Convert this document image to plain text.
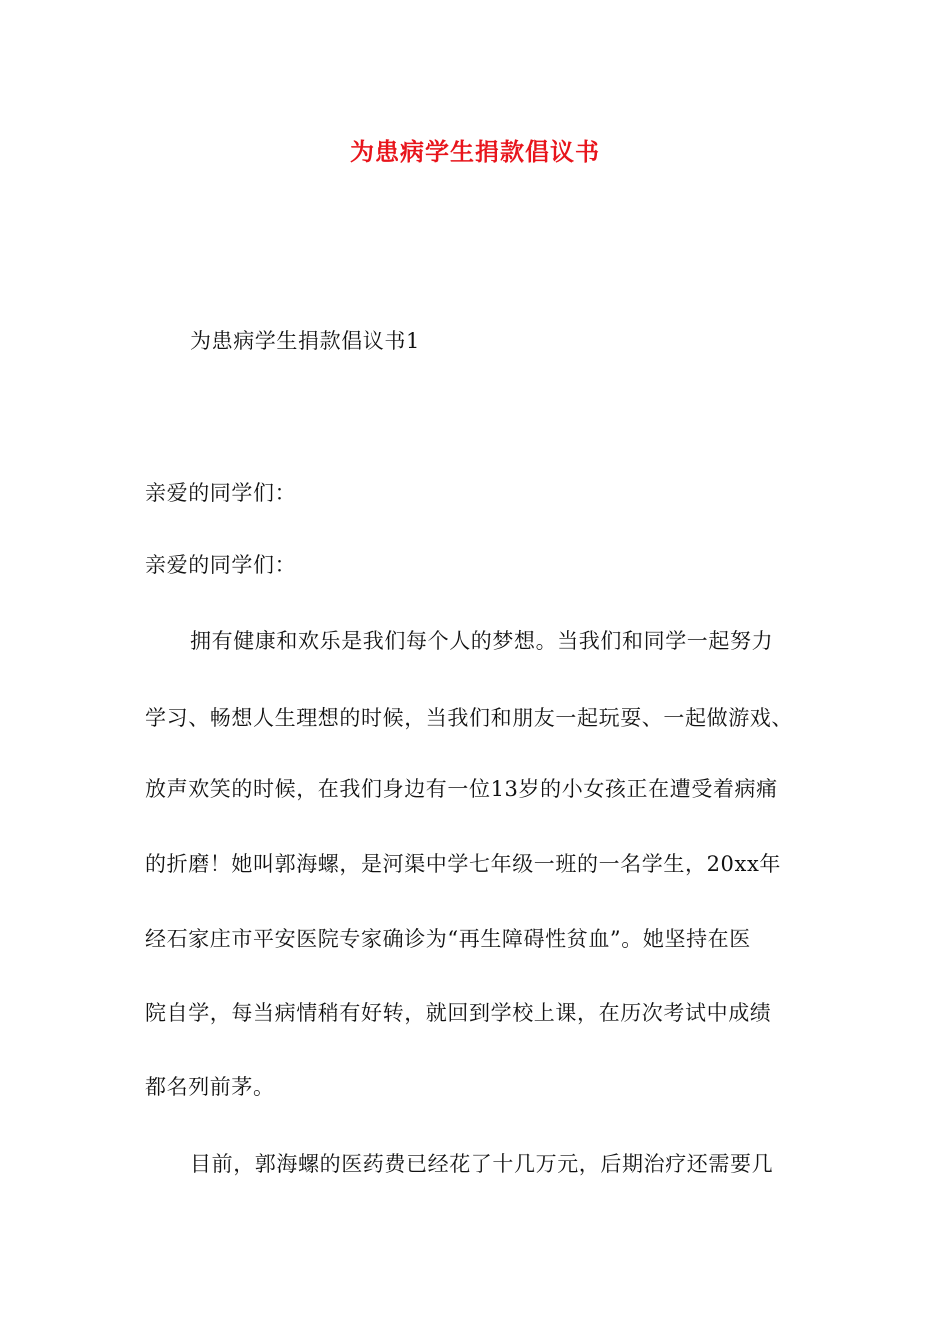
为患病学生捐款倡议书
为患病学生捐款倡议书1
亲爱的同学们：
亲爱的同学们：
拥有健康和欢乐是我们每个人的梦想。当我们和同学一起努力
学习、畅想人生理想的时候，当我们和朋友一起玩耍、一起做游戏、
放声欢笑的时候，在我们身边有一位13岁的小女孩正在遭受着病痛
的折磨！她叫郭海螺，是河渠中学七年级一班的一名学生，20xx年
经石家庄市平安医院专家确诊为“再生障碍性贫血”。她坚持在医
院自学，每当病情稍有好转，就回到学校上课，在历次考试中成绩
都名列前茅。
目前，郭海螺的医药费已经花了十几万元，后期治疗还需要几
